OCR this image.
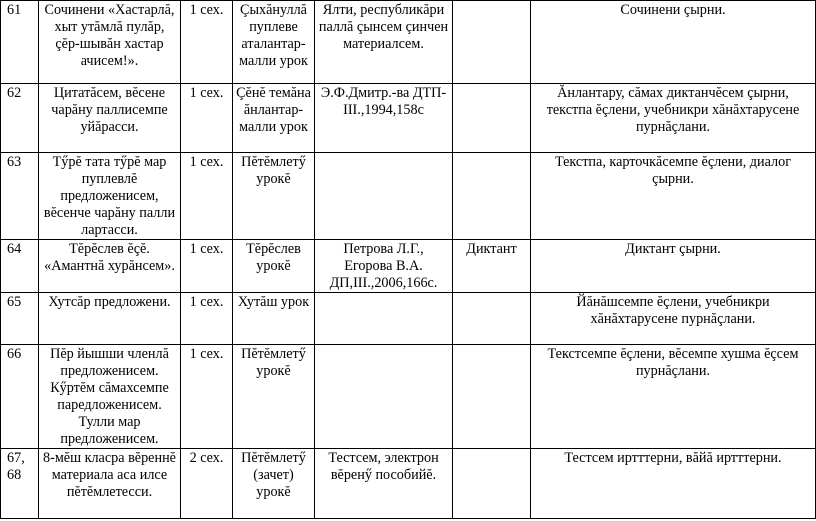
61	Сочинени «Хастарлă, хыт утăмлă пулăр, çĕр-шывăн хастар ачисем!».	1 сех.	Çыхăнуллă пуплеве аталантар-малли урок	Ялти, республикăри паллă çынсем çинчен материалсем.		Сочинени çырни.
62	Цитатăсем, вĕсене чарăну паллисемпе уйăрасси.	1 сех.	Çĕнĕ темăна ăнлантар-малли урок	Э.Ф.Дмитр.-ва ДТП-III.,1994,158с		Ăнлантару, сăмах диктанчĕсем çырни, текстпа ĕçлени, учебникри хăнăхтарусене пурнăçлани.
63	Тӳрĕ тата тӳрĕ мар пуплевлĕ предложенисем, вĕсенче чарăну палли лартасси.	1 сех.	Пĕтĕмлетӳ урокĕ			Текстпа, карточкăсемпе ĕçлени, диалог çырни.
64	Тĕрĕслев ĕçĕ. «Амантнă хурăнсем».	1 сех.	Тĕрĕслев урокĕ	Петрова Л.Г., Егорова В.А. ДП,III.,2006,166с.	Диктант	Диктант çырни.
65	Хутсăр предложени.	1 сех.	Хутăш урок			Йăнăшсемпе ĕçлени, учебникри хăнăхтарусене пурнăçлани.
66	Пĕр йышши членлă предложенисем. Кӳртĕм сăмахсемпе паредложенисем. Тулли мар предложенисем.	1 сех.	Пĕтĕмлетӳ урокĕ			Текстсемпе ĕçлени, вĕсемпе хушма ĕçсем пурнăçлани.
67, 68	8-мĕш класра вĕреннĕ материала аса илсе пĕтĕмлетесси.	2 сех.	Пĕтĕмлетӳ (зачет) урокĕ	Тестсем, электрон вĕренӳ пособийĕ.		Тестсем иртттерни, вăйă иртттерни.
